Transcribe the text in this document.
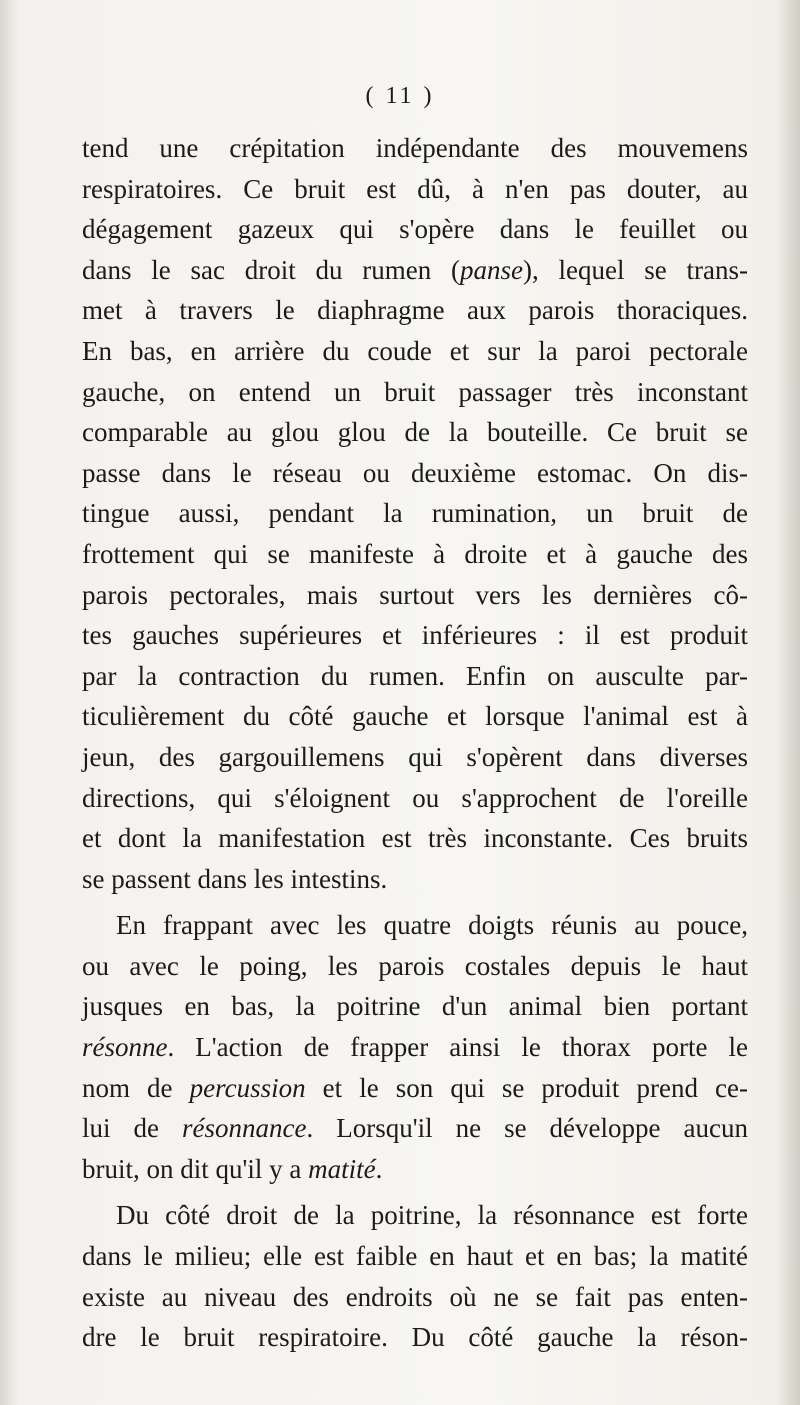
( 11 )
tend une crépitation indépendante des mouvemens
respiratoires. Ce bruit est dû, à n'en pas douter, au
dégagement gazeux qui s'opère dans le feuillet ou
dans le sac droit du rumen (panse), lequel se trans-
met à travers le diaphragme aux parois thoraciques.
En bas, en arrière du coude et sur la paroi pectorale
gauche, on entend un bruit passager très inconstant
comparable au glou glou de la bouteille. Ce bruit se
passe dans le réseau ou deuxième estomac. On dis-
tingue aussi, pendant la rumination, un bruit de
frottement qui se manifeste à droite et à gauche des
parois pectorales, mais surtout vers les dernières cô-
tes gauches supérieures et inférieures : il est produit
par la contraction du rumen. Enfin on ausculte par-
ticulièrement du côté gauche et lorsque l'animal est à
jeun, des gargouillemens qui s'opèrent dans diverses
directions, qui s'éloignent ou s'approchent de l'oreille
et dont la manifestation est très inconstante. Ces bruits
se passent dans les intestins.
En frappant avec les quatre doigts réunis au pouce,
ou avec le poing, les parois costales depuis le haut
jusques en bas, la poitrine d'un animal bien portant
résonne. L'action de frapper ainsi le thorax porte le
nom de percussion et le son qui se produit prend ce-
lui de résonnance. Lorsqu'il ne se développe aucun
bruit, on dit qu'il y a matité.
Du côté droit de la poitrine, la résonnance est forte
dans le milieu; elle est faible en haut et en bas; la matité
existe au niveau des endroits où ne se fait pas enten-
dre le bruit respiratoire. Du côté gauche la réson-
